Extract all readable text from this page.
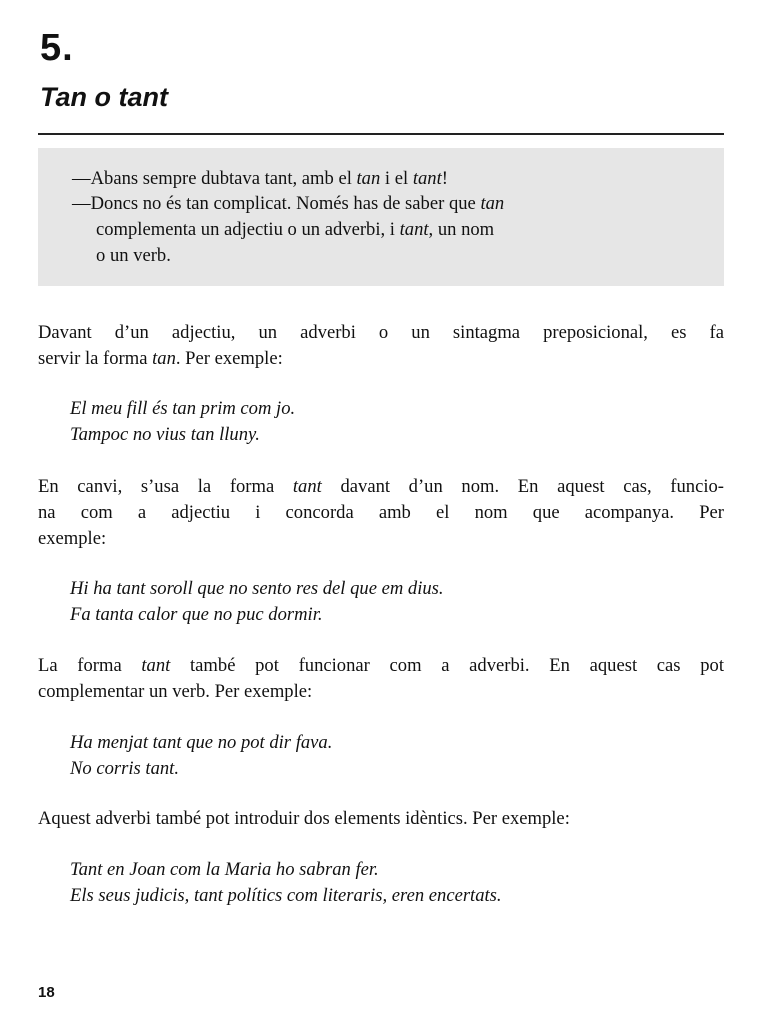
5.
Tan o tant
—Abans sempre dubtava tant, amb el tan i el tant!
—Doncs no és tan complicat. Només has de saber que tan
complementa un adjectiu o un adverbi, i tant, un nom
o un verb.
Davant d’un adjectiu, un adverbi o un sintagma preposicional, es fa
servir la forma tan. Per exemple:
El meu fill és tan prim com jo.
Tampoc no vius tan lluny.
En canvi, s’usa la forma tant davant d’un nom. En aquest cas, funcio-
na com a adjectiu i concorda amb el nom que acompanya. Per
exemple:
Hi ha tant soroll que no sento res del que em dius.
Fa tanta calor que no puc dormir.
La forma tant també pot funcionar com a adverbi. En aquest cas pot
complementar un verb. Per exemple:
Ha menjat tant que no pot dir fava.
No corris tant.
Aquest adverbi també pot introduir dos elements idèntics. Per exemple:
Tant en Joan com la Maria ho sabran fer.
Els seus judicis, tant polítics com literaris, eren encertats.
18
